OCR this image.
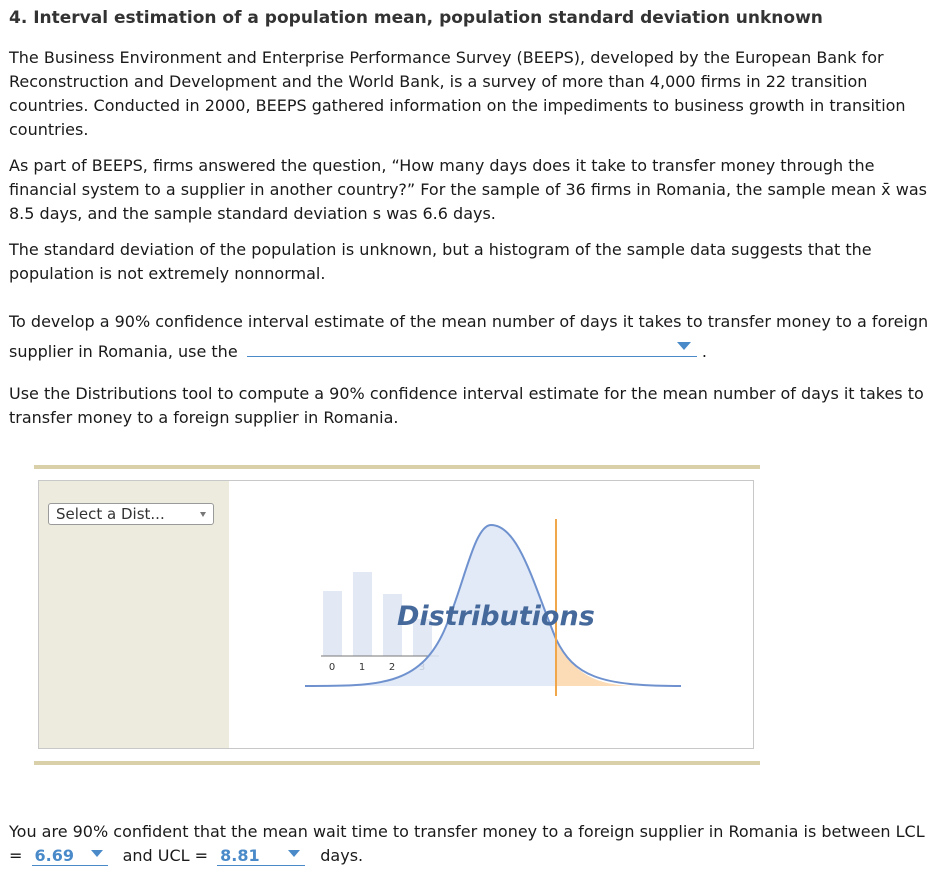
4. Interval estimation of a population mean, population standard deviation unknown

The Business Environment and Enterprise Performance Survey (BEEPS), developed by the European Bank for Reconstruction and Development and the World Bank, is a survey of more than 4,000 firms in 22 transition countries. Conducted in 2000, BEEPS gathered information on the impediments to business growth in transition countries.

As part of BEEPS, firms answered the question, “How many days does it take to transfer money through the financial system to a supplier in another country?” For the sample of 36 firms in Romania, the sample mean x̄ was 8.5 days, and the sample standard deviation s was 6.6 days.

The standard deviation of the population is unknown, but a histogram of the sample data suggests that the population is not extremely nonnormal.

To develop a 90% confidence interval estimate of the mean number of days it takes to transfer money to a foreign supplier in Romania, use the	.

Use the Distributions tool to compute a 90% confidence interval estimate for the mean number of days it takes to transfer money to a foreign supplier in Romania.

Select a Dist...
0 1 2
Distributions

You are 90% confident that the mean wait time to transfer money to a foreign supplier in Romania is between LCL = 6.69	and UCL = 8.81	days.
